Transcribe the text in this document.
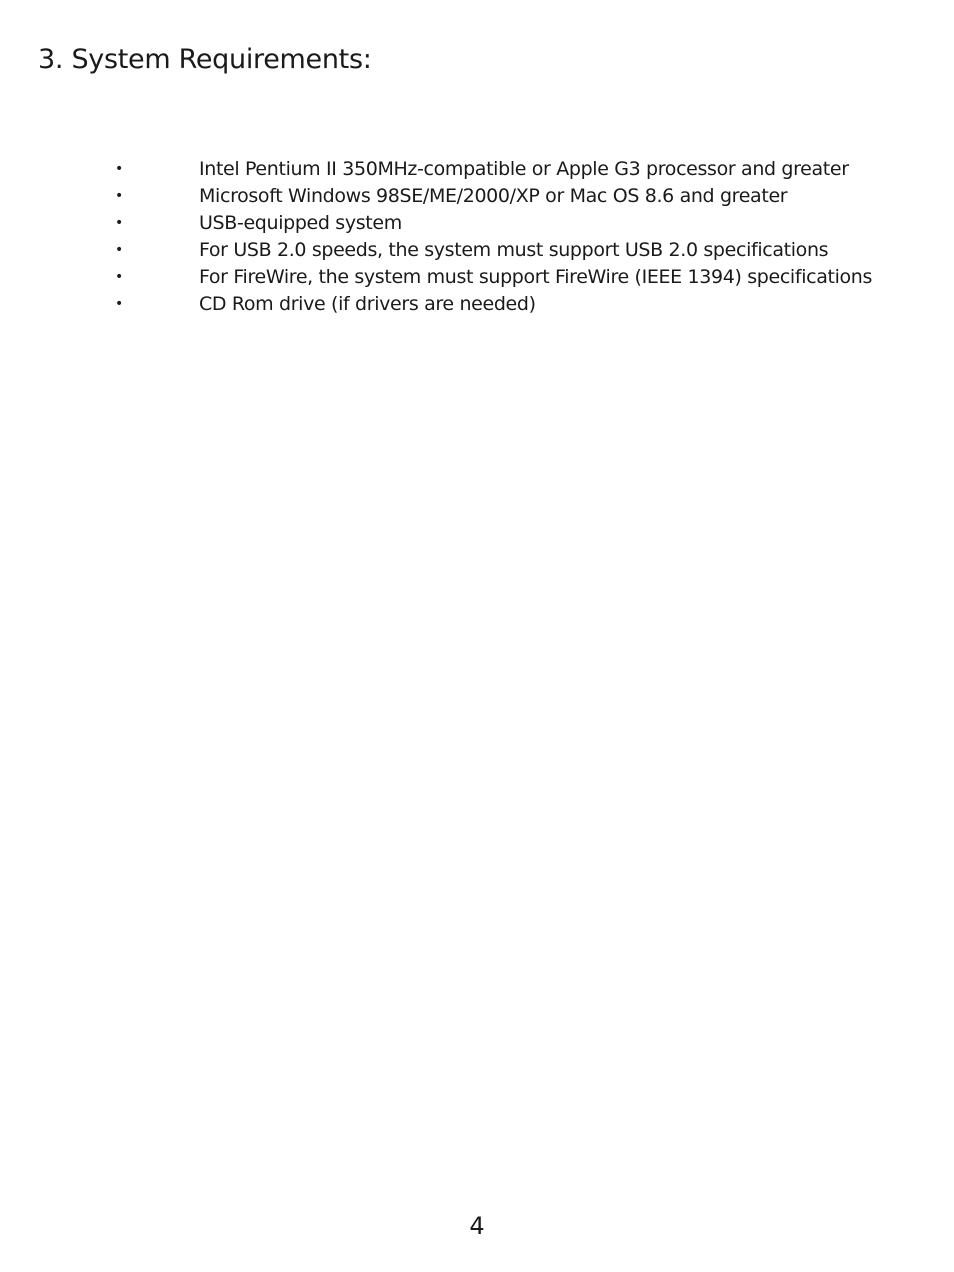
3. System Requirements:
•	Intel Pentium II 350MHz-compatible or Apple G3 processor and greater
•	Microsoft Windows 98SE/ME/2000/XP or Mac OS 8.6 and greater
•	USB-equipped system
•	For USB 2.0 speeds, the system must support USB 2.0 specifications
•	For FireWire, the system must support FireWire (IEEE 1394) specifications
•	CD Rom drive (if drivers are needed)
4
